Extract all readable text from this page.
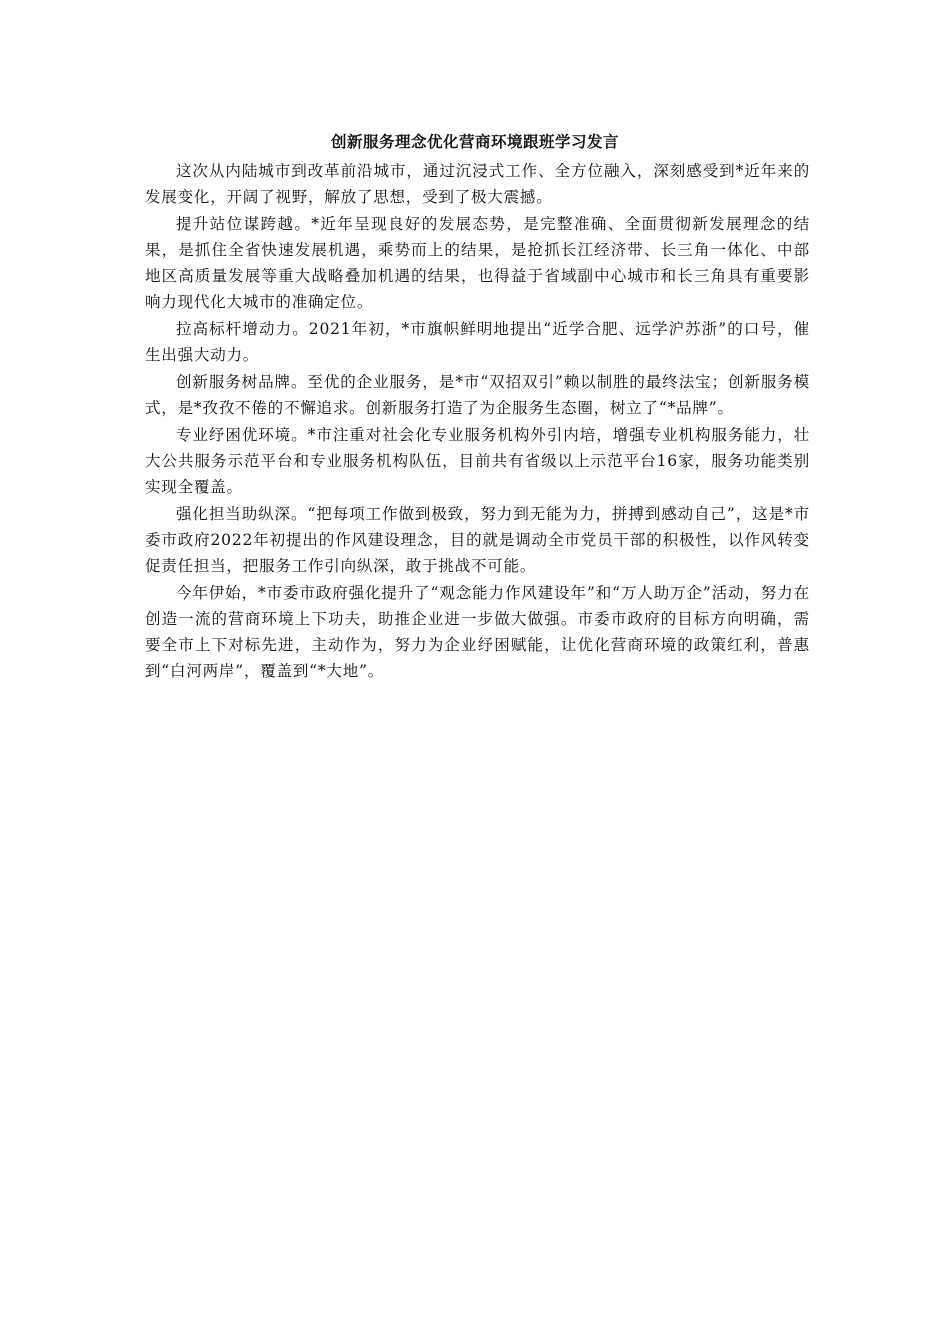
创新服务理念优化营商环境跟班学习发言

这次从内陆城市到改革前沿城市，通过沉浸式工作、全方位融入，深刻感受到*近年来的发展变化，开阔了视野，解放了思想，受到了极大震撼。

提升站位谋跨越。*近年呈现良好的发展态势，是完整准确、全面贯彻新发展理念的结果，是抓住全省快速发展机遇，乘势而上的结果，是抢抓长江经济带、长三角一体化、中部地区高质量发展等重大战略叠加机遇的结果，也得益于省域副中心城市和长三角具有重要影响力现代化大城市的准确定位。

拉高标杆增动力。2021年初，*市旗帜鲜明地提出“近学合肥、远学沪苏浙”的口号，催生出强大动力。

创新服务树品牌。至优的企业服务，是*市“双招双引”赖以制胜的最终法宝；创新服务模式，是*孜孜不倦的不懈追求。创新服务打造了为企服务生态圈，树立了“*品牌”。

专业纾困优环境。*市注重对社会化专业服务机构外引内培，增强专业机构服务能力，壮大公共服务示范平台和专业服务机构队伍，目前共有省级以上示范平台16家，服务功能类别实现全覆盖。

强化担当助纵深。“把每项工作做到极致，努力到无能为力，拼搏到感动自己”，这是*市委市政府2022年初提出的作风建设理念，目的就是调动全市党员干部的积极性，以作风转变促责任担当，把服务工作引向纵深，敢于挑战不可能。

今年伊始，*市委市政府强化提升了“观念能力作风建设年”和“万人助万企”活动，努力在创造一流的营商环境上下功夫，助推企业进一步做大做强。市委市政府的目标方向明确，需要全市上下对标先进，主动作为，努力为企业纾困赋能，让优化营商环境的政策红利，普惠到“白河两岸”，覆盖到“*大地”。
